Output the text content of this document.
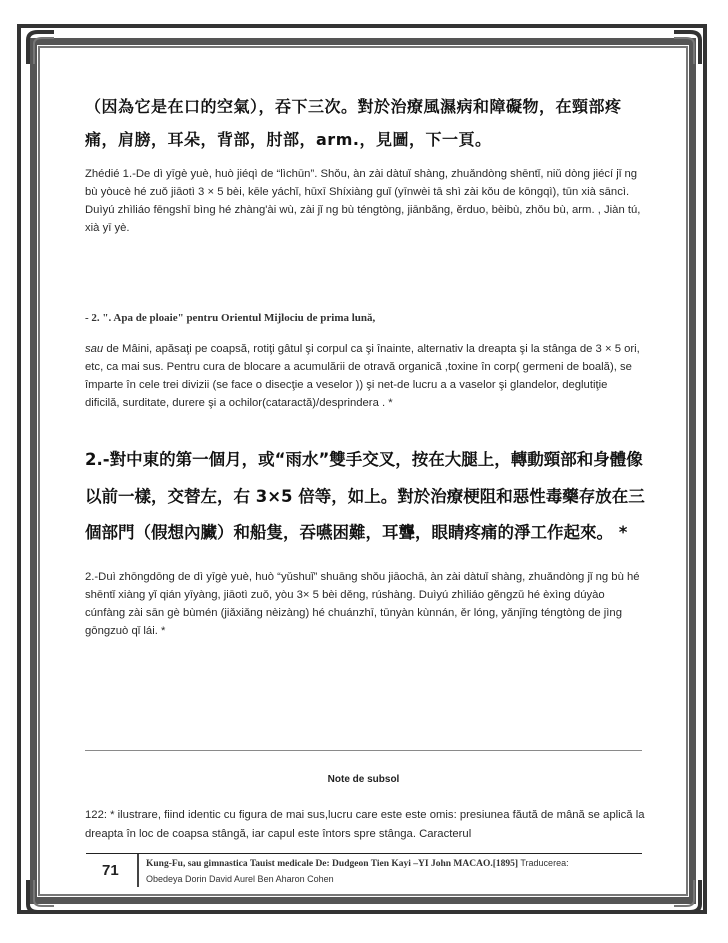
（因為它是在口的空氣），吞下三次。對於治療風濕病和障礙物，在頸部疼痛，肩膀，耳朵，背部，肘部，arm.，見圖，下一頁。

Zhédié 1.-De dì yīgè yuè, huò jiéqì de “lìchūn”. Shǒu, àn zài dàtuǐ shàng, zhuǎndòng shēntǐ, niǔ dòng jiécí jǐ ng bù yòucè hé zuǒ jiāotì 3 × 5 bèi, kēle yáchǐ, hūxī Shíxiàng guǐ (yīnwèi tā shì zài kǒu de kōngqì), tūn xià sāncì. Duìyú zhìliáo fēngshī bìng hé zhàng'ài wù, zài jǐ ng bù téngtòng, jiānbǎng, ěrduo, bèibù, zhǒu bù, arm. , Jiàn tú, xià yī yè.

- 2. ". Apa de ploaie" pentru Orientul Mijlociu de prima lună,

sau de Mâini, apăsaţi pe coapsă, rotiţi gâtul şi corpul ca şi înainte, alternativ la dreapta şi la stânga de 3 × 5 ori, etc, ca mai sus. Pentru cura de blocare a acumulării de otravă organică ,toxine în corp( germeni de boală), se împarte în cele trei divizii (se face o disecţie a veselor )) şi net-de lucru a a vaselor şi glandelor, deglutiţie dificilă, surditate, durere şi a ochilor(cataractă)/desprindera . *

2.-對中東的第一個月，或“雨水”雙手交叉，按在大腿上，轉動頸部和身體像以前一樣，交替左，右 3×5 倍等，如上。對於治療梗阻和惡性毒藥存放在三個部門（假想內臟）和船隻，吞嚥困難，耳聾，眼睛疼痛的淨工作起來。 *

2.-Duì zhōngdōng de dì yīgè yuè, huò “yǔshuǐ” shuāng shǒu jiāochā, àn zài dàtuǐ shàng, zhuǎndòng jǐ ng bù hé shēntǐ xiàng yǐ qián yīyàng, jiāotì zuǒ, yòu 3× 5 bèi děng, rúshàng. Duìyú zhìliáo gěngzǔ hé èxìng dúyào cúnfàng zài sān gè bùmén (jiǎxiǎng nèizàng) hé chuánzhī, tūnyàn kùnnán, ěr lóng, yǎnjīng téngtòng de jìng gōngzuò qǐ lái. *

Note de subsol

122: * ilustrare, fiind identic cu figura de mai sus,lucru care este este omis: presiunea făută de mână se aplică la dreapta în loc de coapsa stângă, iar capul este întors spre stânga. Caracterul

71	Kung-Fu, sau gimnastica Tauist medicale De: Dudgeon Tien Kayi –YI John MACAO.[1895] Traducerea:
Obedeya Dorin David Aurel Ben Aharon Cohen
